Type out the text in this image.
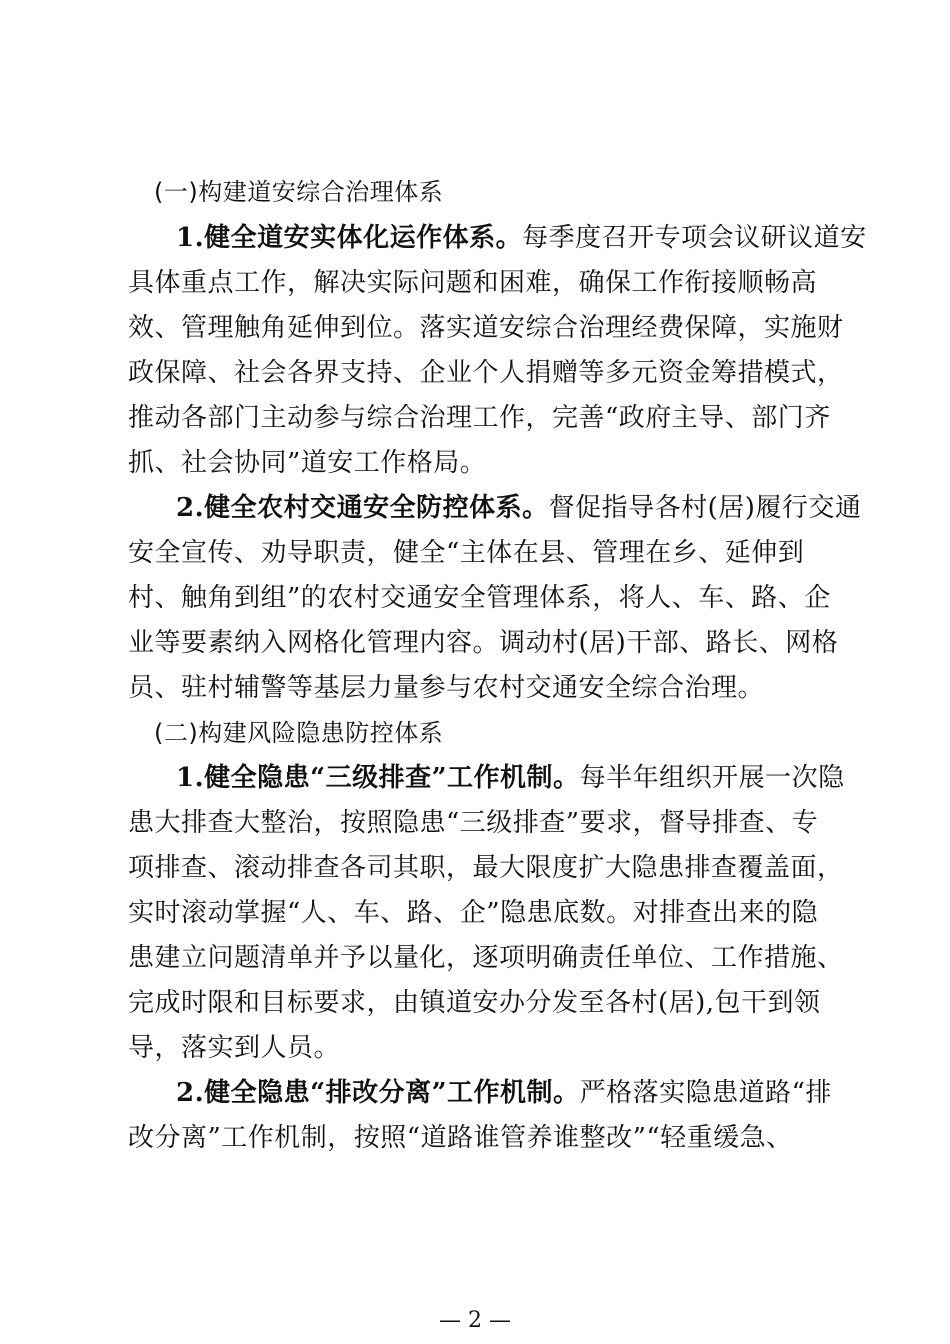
(一)构建道安综合治理体系
1.健全道安实体化运作体系。每季度召开专项会议研议道安
具体重点工作，解决实际问题和困难，确保工作衔接顺畅高
效、管理触角延伸到位。落实道安综合治理经费保障，实施财
政保障、社会各界支持、企业个人捐赠等多元资金筹措模式，
推动各部门主动参与综合治理工作，完善“政府主导、部门齐
抓、社会协同”道安工作格局。
2.健全农村交通安全防控体系。督促指导各村(居)履行交通
安全宣传、劝导职责，健全“主体在县、管理在乡、延伸到
村、触角到组”的农村交通安全管理体系，将人、车、路、企
业等要素纳入网格化管理内容。调动村(居)干部、路长、网格
员、驻村辅警等基层力量参与农村交通安全综合治理。
(二)构建风险隐患防控体系
1.健全隐患“三级排查”工作机制。每半年组织开展一次隐
患大排查大整治，按照隐患“三级排查”要求，督导排查、专
项排查、滚动排查各司其职，最大限度扩大隐患排查覆盖面，
实时滚动掌握“人、车、路、企”隐患底数。对排查出来的隐
患建立问题清单并予以量化，逐项明确责任单位、工作措施、
完成时限和目标要求，由镇道安办分发至各村(居),包干到领
导，落实到人员。
2.健全隐患“排改分离”工作机制。严格落实隐患道路“排
改分离”工作机制，按照“道路谁管养谁整改”“轻重缓急、
— 2 —
